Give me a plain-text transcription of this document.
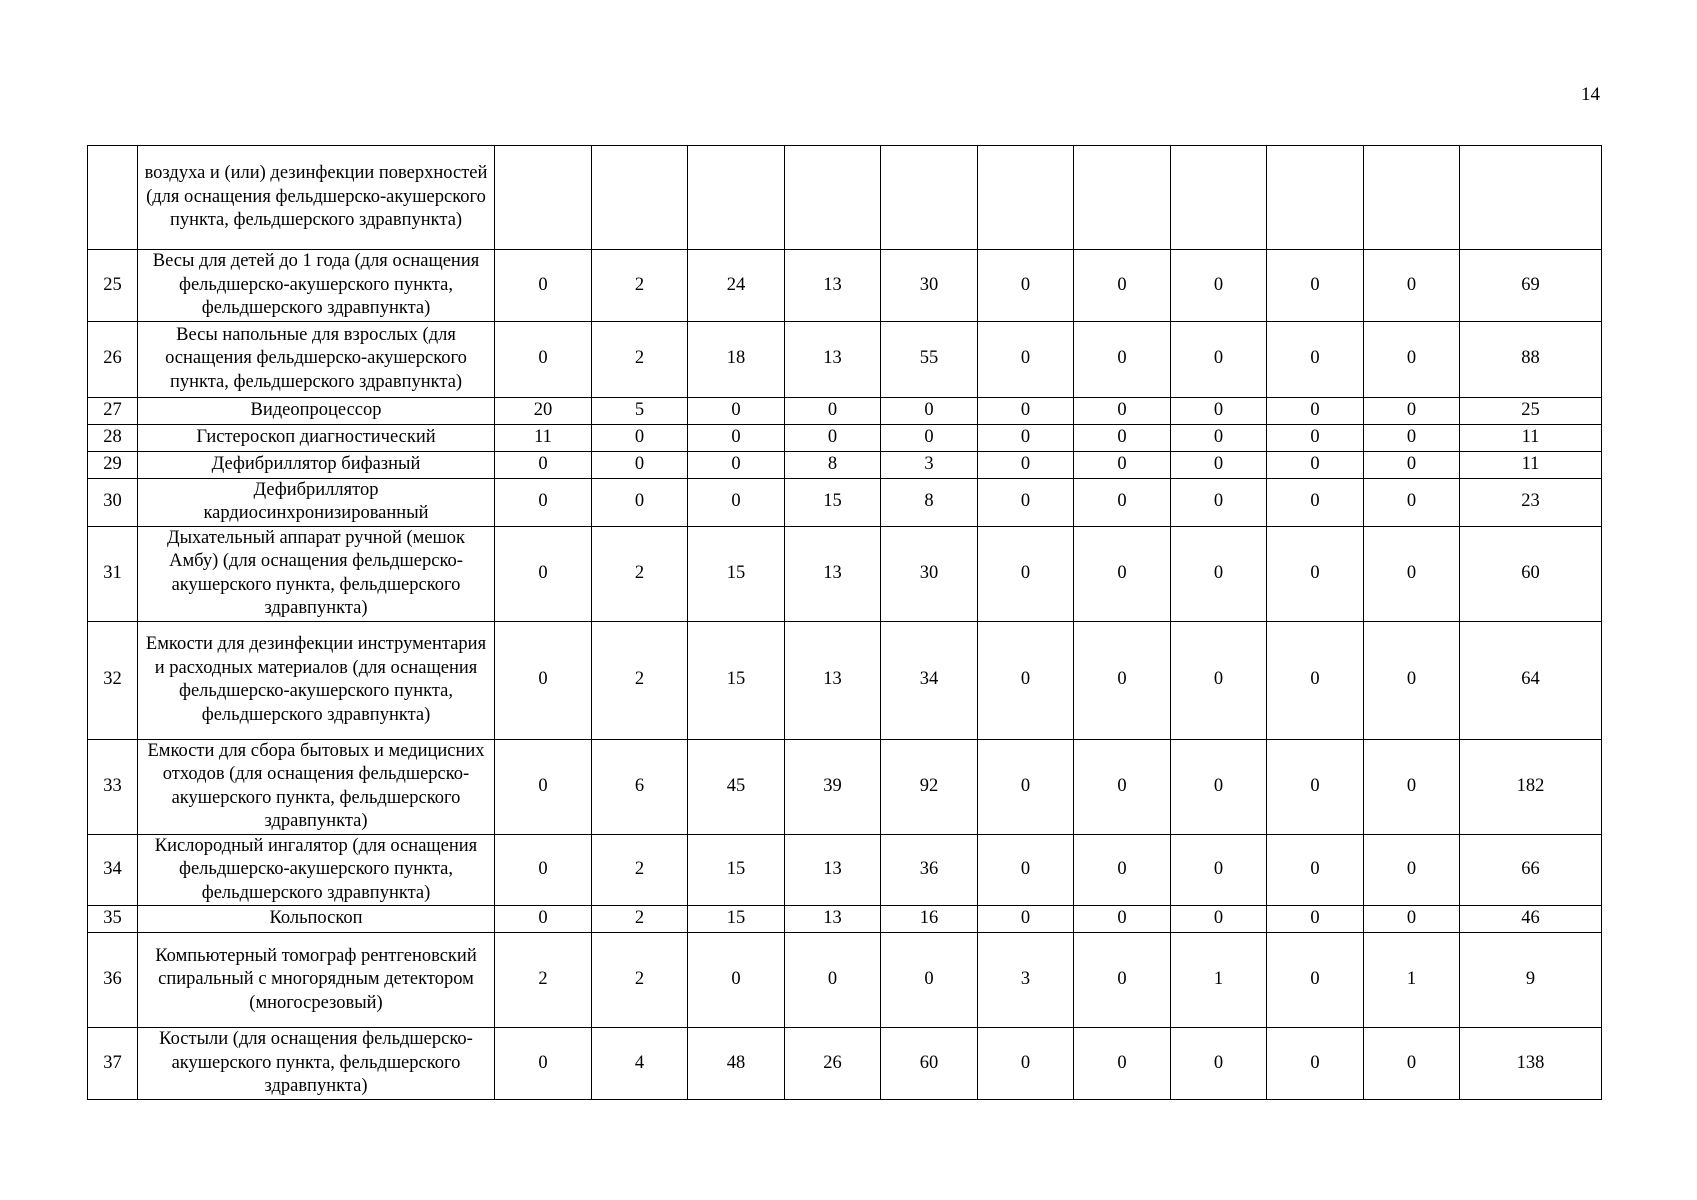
14
	воздуха и (или) дезинфекции поверхностей (для оснащения фельдшерско-акушерского пункта, фельдшерского здравпункта)											
25	Весы для детей до 1 года (для оснащения фельдшерско-акушерского пункта, фельдшерского здравпункта)	0	2	24	13	30	0	0	0	0	0	69
26	Весы напольные для взрослых (для оснащения фельдшерско-акушерского пункта, фельдшерского здравпункта)	0	2	18	13	55	0	0	0	0	0	88
27	Видеопроцессор	20	5	0	0	0	0	0	0	0	0	25
28	Гистероскоп диагностический	11	0	0	0	0	0	0	0	0	0	11
29	Дефибриллятор бифазный	0	0	0	8	3	0	0	0	0	0	11
30	Дефибриллятор кардиосинхронизированный	0	0	0	15	8	0	0	0	0	0	23
31	Дыхательный аппарат ручной (мешок Амбу) (для оснащения фельдшерско-акушерского пункта, фельдшерского здравпункта)	0	2	15	13	30	0	0	0	0	0	60
32	Емкости для дезинфекции инструментария и расходных материалов (для оснащения фельдшерско-акушерского пункта, фельдшерского здравпункта)	0	2	15	13	34	0	0	0	0	0	64
33	Емкости для сбора бытовых и медицисних отходов (для оснащения фельдшерско-акушерского пункта, фельдшерского здравпункта)	0	6	45	39	92	0	0	0	0	0	182
34	Кислородный ингалятор (для оснащения фельдшерско-акушерского пункта, фельдшерского здравпункта)	0	2	15	13	36	0	0	0	0	0	66
35	Кольпоскоп	0	2	15	13	16	0	0	0	0	0	46
36	Компьютерный томограф рентгеновский спиральный с многорядным детектором (многосрезовый)	2	2	0	0	0	3	0	1	0	1	9
37	Костыли (для оснащения фельдшерско-акушерского пункта, фельдшерского здравпункта)	0	4	48	26	60	0	0	0	0	0	138
